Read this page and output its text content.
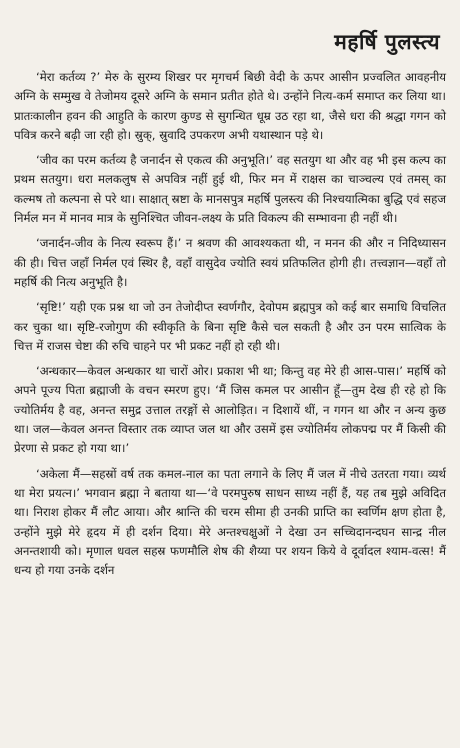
महर्षि पुलस्त्य

‘मेरा कर्तव्य ?’ मेरु के सुरम्य शिखर पर मृगचर्म बिछी वेदी के ऊपर आसीन प्रज्वलित आवहनीय अग्नि के सम्मुख वे तेजोमय दूसरे अग्नि के समान प्रतीत होते थे। उन्होंने नित्य-कर्म समाप्त कर लिया था। प्रातःकालीन हवन की आहुति के कारण कुण्ड से सुगन्धित धूम्र उठ रहा था, जैसे धरा की श्रद्धा गगन को पवित्र करने बढ़ी जा रही हो। स्रुक्, स्रुवादि उपकरण अभी यथास्थान पड़े थे।

‘जीव का परम कर्तव्य है जनार्दन से एकत्व की अनुभूति।’ वह सतयुग था और वह भी इस कल्प का प्रथम सतयुग। धरा मलकलुष से अपवित्र नहीं हुई थी, फिर मन में राक्षस का चाञ्चल्य एवं तमस् का कल्मष तो कल्पना से परे था। साक्षात् स्रष्टा के मानसपुत्र महर्षि पुलस्त्य की निश्चयात्मिका बुद्धि एवं सहज निर्मल मन में मानव मात्र के सुनिश्चित जीवन-लक्ष्य के प्रति विकल्प की सम्भावना ही नहीं थी।

‘जनार्दन-जीव के नित्य स्वरूप हैं।’ न श्रवण की आवश्यकता थी, न मनन की और न निदिध्यासन की ही। चित्त जहाँ निर्मल एवं स्थिर है, वहाँ वासुदेव ज्योति स्वयं प्रतिफलित होगी ही। तत्त्वज्ञान—वहाँ तो महर्षि की नित्य अनुभूति है।

‘सृष्टि!’ यही एक प्रश्न था जो उन तेजोदीप्त स्वर्णगौर, देवोपम ब्रह्मपुत्र को कई बार समाधि विचलित कर चुका था। सृष्टि-रजोगुण की स्वीकृति के बिना सृष्टि कैसे चल सकती है और उन परम सात्विक के चित्त में राजस चेष्टा की रुचि चाहने पर भी प्रकट नहीं हो रही थी।

‘अन्धकार—केवल अन्धकार था चारों ओर। प्रकाश भी था; किन्तु वह मेरे ही आस-पास।’ महर्षि को अपने पूज्य पिता ब्रह्माजी के वचन स्मरण हुए। ‘मैं जिस कमल पर आसीन हूँ—तुम देख ही रहे हो कि ज्योतिर्मय है वह, अनन्त समुद्र उत्ताल तरङ्गों से आलोड़ित। न दिशायें थीं, न गगन था और न अन्य कुछ था। जल—केवल अनन्त विस्तार तक व्याप्त जल था और उसमें इस ज्योतिर्मय लोकपद्म पर मैं किसी की प्रेरणा से प्रकट हो गया था।’

‘अकेला मैं—सहस्रों वर्ष तक कमल-नाल का पता लगाने के लिए मैं जल में नीचे उतरता गया। व्यर्थ था मेरा प्रयत्न।’ भगवान ब्रह्मा ने बताया था—‘वे परमपुरुष साधन साध्य नहीं हैं, यह तब मुझे अविदित था। निराश होकर मैं लौट आया। और श्रान्ति की चरम सीमा ही उनकी प्राप्ति का स्वर्णिम क्षण होता है, उन्होंने मुझे मेरे हृदय में ही दर्शन दिया। मेरे अन्तश्चक्षुओं ने देखा उन सच्चिदानन्दघन सान्द्र नील अनन्तशायी को। मृणाल धवल सहस्र फणमौलि शेष की शैय्या पर शयन किये वे दूर्वादल श्याम-वत्स! मैं धन्य हो गया उनके दर्शन
